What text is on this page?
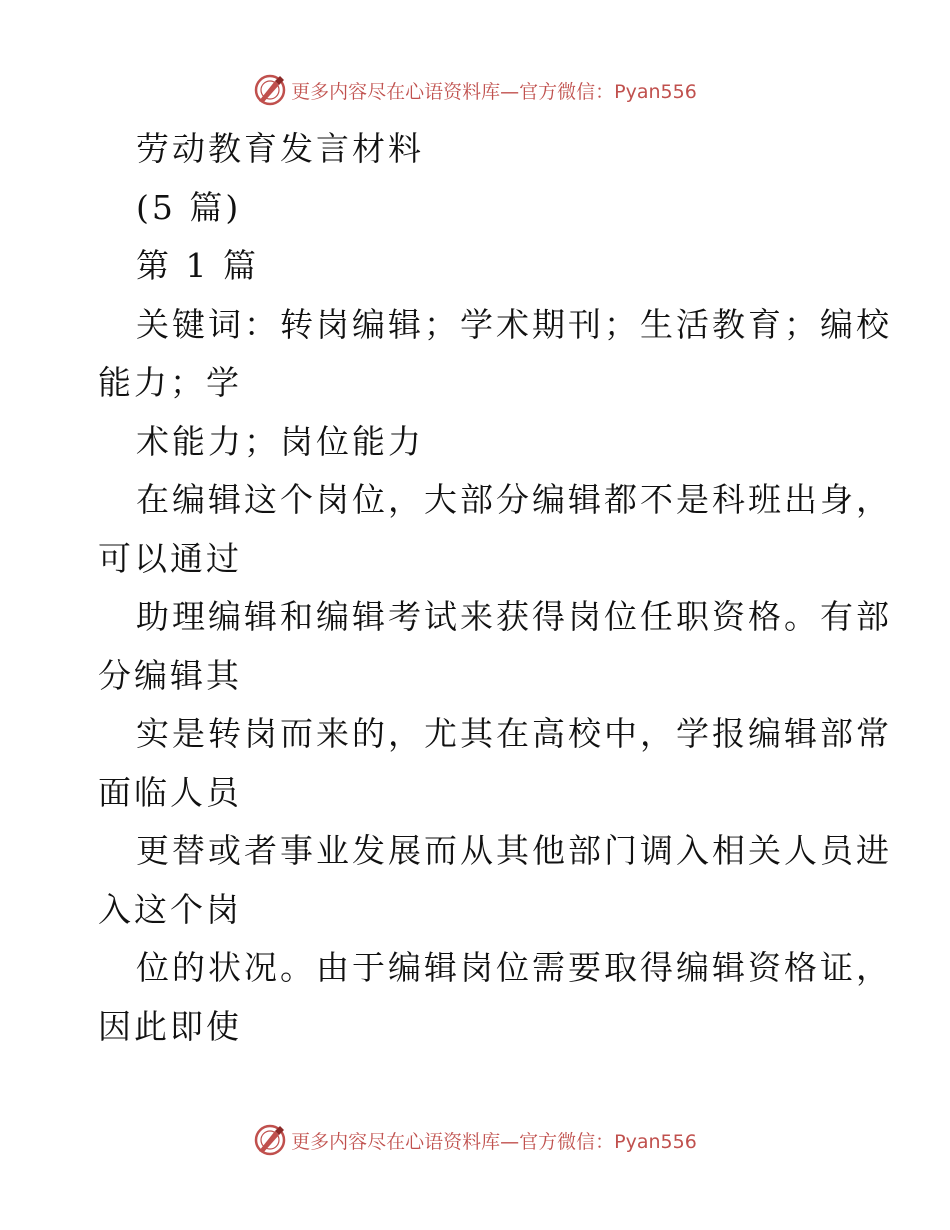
更多内容尽在心语资料库—官方微信：Pyan556
劳动教育发言材料
(5 篇)
第 1 篇
关键词：转岗编辑；学术期刊；生活教育；编校
能力；学
术能力；岗位能力
在编辑这个岗位，大部分编辑都不是科班出身，
可以通过
助理编辑和编辑考试来获得岗位任职资格。有部
分编辑其
实是转岗而来的，尤其在高校中，学报编辑部常
面临人员
更替或者事业发展而从其他部门调入相关人员进
入这个岗
位的状况。由于编辑岗位需要取得编辑资格证，
因此即使
更多内容尽在心语资料库—官方微信：Pyan556
